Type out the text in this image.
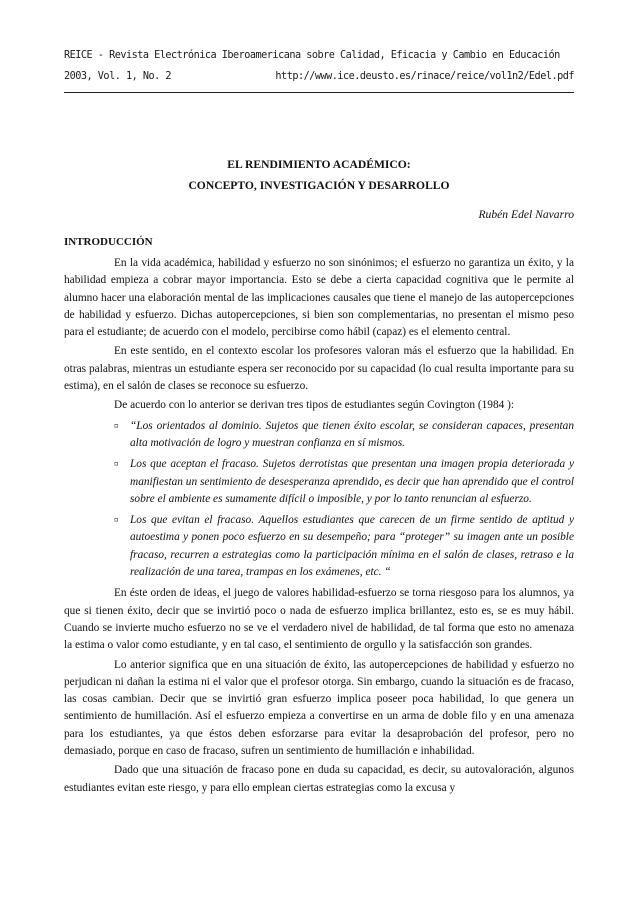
REICE - Revista Electrónica Iberoamericana sobre Calidad, Eficacia y Cambio en Educación
2003, Vol. 1, No. 2	http://www.ice.deusto.es/rinace/reice/vol1n2/Edel.pdf
EL RENDIMIENTO ACADÉMICO:
CONCEPTO, INVESTIGACIÓN Y DESARROLLO
Rubén Edel Navarro
INTRODUCCIÓN

En la vida académica, habilidad y esfuerzo no son sinónimos; el esfuerzo no garantiza un éxito, y la habilidad empieza a cobrar mayor importancia. Esto se debe a cierta capacidad cognitiva que le permite al alumno hacer una elaboración mental de las implicaciones causales que tiene el manejo de las autopercepciones de habilidad y esfuerzo. Dichas autopercepciones, si bien son complementarias, no presentan el mismo peso para el estudiante; de acuerdo con el modelo, percibirse como hábil (capaz) es el elemento central.

En este sentido, en el contexto escolar los profesores valoran más el esfuerzo que la habilidad. En otras palabras, mientras un estudiante espera ser reconocido por su capacidad (lo cual resulta importante para su estima), en el salón de clases se reconoce su esfuerzo.

De acuerdo con lo anterior se derivan tres tipos de estudiantes según Covington (1984 ):

¤ “Los orientados al dominio. Sujetos que tienen éxito escolar, se consideran capaces, presentan alta motivación de logro y muestran confianza en sí mismos.
¤ Los que aceptan el fracaso. Sujetos derrotistas que presentan una imagen propia deteriorada y manifiestan un sentimiento de desesperanza aprendido, es decir que han aprendido que el control sobre el ambiente es sumamente difícil o imposible, y por lo tanto renuncian al esfuerzo.
¤ Los que evitan el fracaso. Aquellos estudiantes que carecen de un firme sentido de aptitud y autoestima y ponen poco esfuerzo en su desempeño; para “proteger” su imagen ante un posible fracaso, recurren a estrategias como la participación mínima en el salón de clases, retraso e la realización de una tarea, trampas en los exámenes, etc. “

En éste orden de ideas, el juego de valores habilidad-esfuerzo se torna riesgoso para los alumnos, ya que si tienen éxito, decir que se invirtió poco o nada de esfuerzo implica brillantez, esto es, se es muy hábil. Cuando se invierte mucho esfuerzo no se ve el verdadero nivel de habilidad, de tal forma que esto no amenaza la estima o valor como estudiante, y en tal caso, el sentimiento de orgullo y la satisfacción son grandes.

Lo anterior significa que en una situación de éxito, las autopercepciones de habilidad y esfuerzo no perjudican ni dañan la estima ni el valor que el profesor otorga. Sin embargo, cuando la situación es de fracaso, las cosas cambian. Decir que se invirtió gran esfuerzo implica poseer poca habilidad, lo que genera un sentimiento de humillación. Así el esfuerzo empieza a convertirse en un arma de doble filo y en una amenaza para los estudiantes, ya que éstos deben esforzarse para evitar la desaprobación del profesor, pero no demasiado, porque en caso de fracaso, sufren un sentimiento de humillación e inhabilidad.

Dado que una situación de fracaso pone en duda su capacidad, es decir, su autovaloración, algunos estudiantes evitan este riesgo, y para ello emplean ciertas estrategias como la excusa y
